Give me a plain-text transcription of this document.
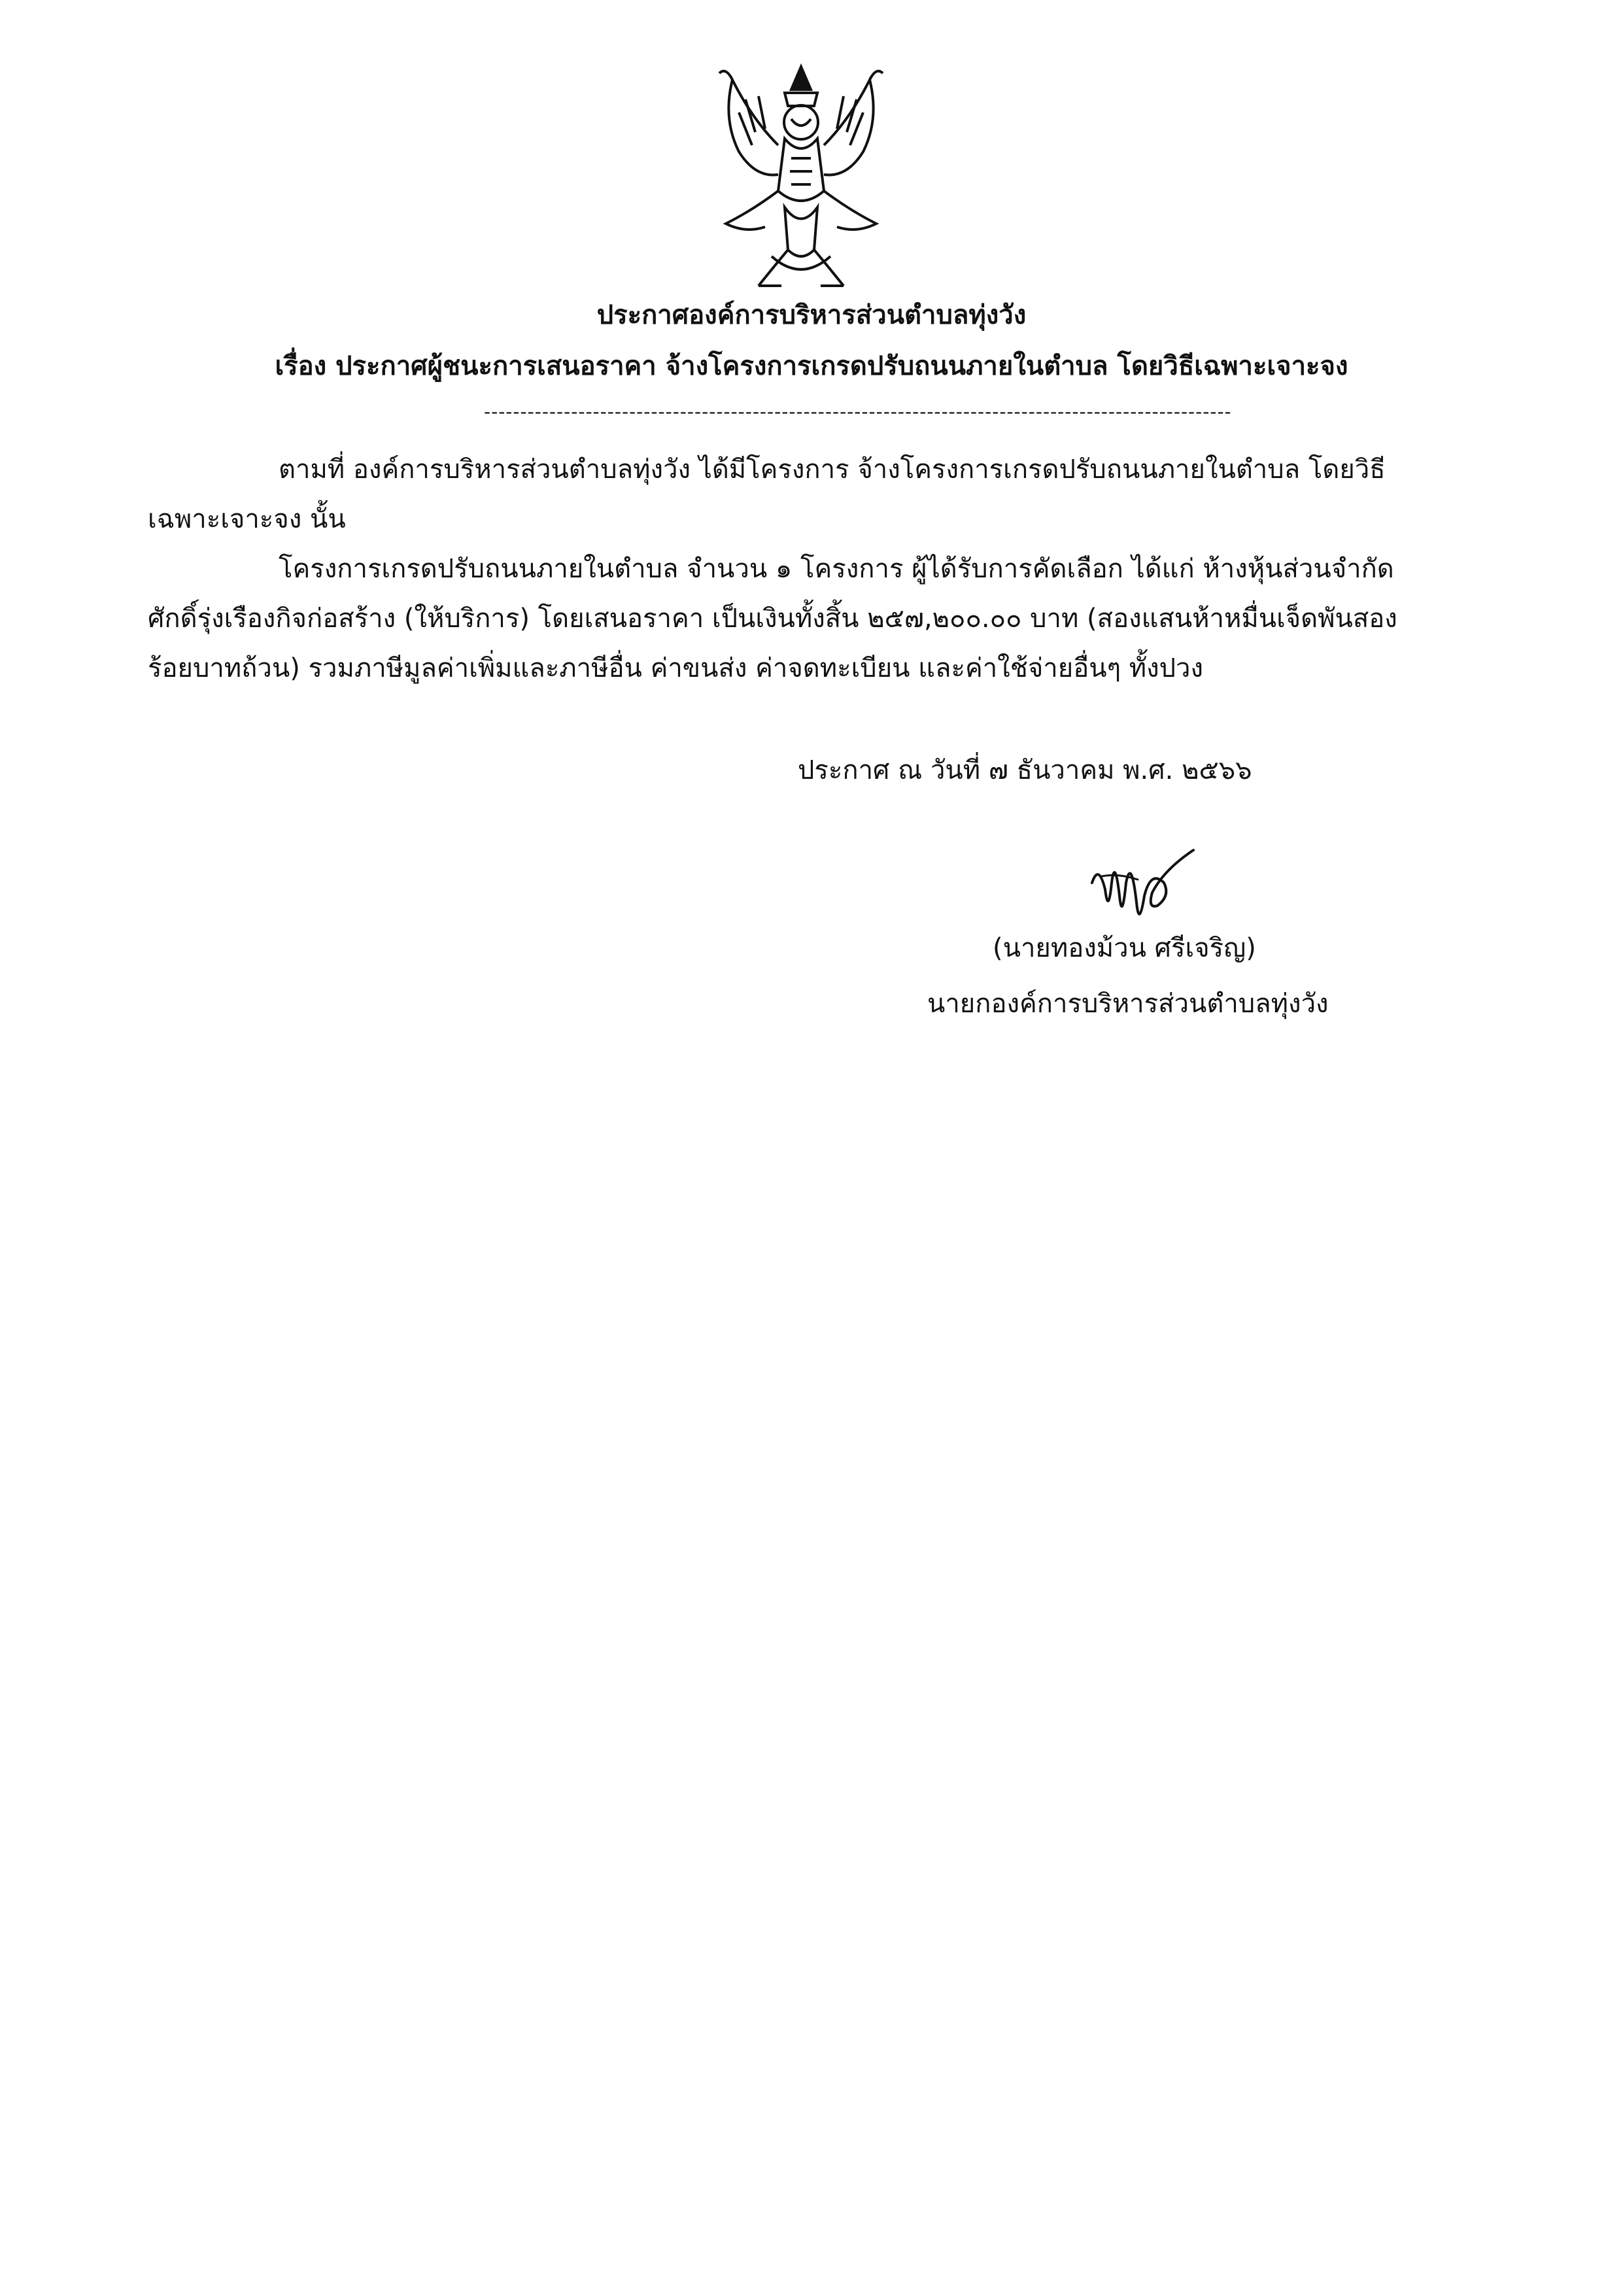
ประกาศองค์การบริหารส่วนตำบลทุ่งวัง
เรื่อง ประกาศผู้ชนะการเสนอราคา จ้างโครงการเกรดปรับถนนภายในตำบล โดยวิธีเฉพาะเจาะจง
-------------------------------------------------------------------------------------------------------
ตามที่ องค์การบริหารส่วนตำบลทุ่งวัง ได้มีโครงการ จ้างโครงการเกรดปรับถนนภายในตำบล โดยวิธี
เฉพาะเจาะจง นั้น
โครงการเกรดปรับถนนภายในตำบล จำนวน ๑ โครงการ ผู้ได้รับการคัดเลือก ได้แก่ ห้างหุ้นส่วนจำกัด
ศักดิ์รุ่งเรืองกิจก่อสร้าง (ให้บริการ) โดยเสนอราคา เป็นเงินทั้งสิ้น ๒๕๗,๒๐๐.๐๐ บาท (สองแสนห้าหมื่นเจ็ดพันสอง
ร้อยบาทถ้วน) รวมภาษีมูลค่าเพิ่มและภาษีอื่น ค่าขนส่ง ค่าจดทะเบียน และค่าใช้จ่ายอื่นๆ ทั้งปวง
ประกาศ ณ วันที่ ๗ ธันวาคม พ.ศ. ๒๕๖๖
(นายทองม้วน ศรีเจริญ)
นายกองค์การบริหารส่วนตำบลทุ่งวัง
